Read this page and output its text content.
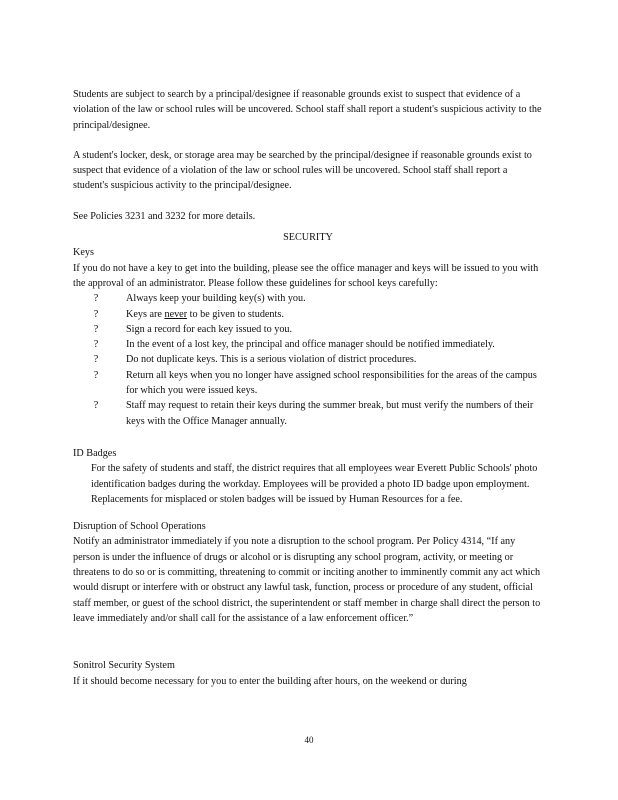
Students are subject to search by a principal/designee if reasonable grounds exist to suspect that evidence of a violation of the law or school rules will be uncovered. School staff shall report a student's suspicious activity to the principal/designee.

A student's locker, desk, or storage area may be searched by the principal/designee if reasonable grounds exist to suspect that evidence of a violation of the law or school rules will be uncovered. School staff shall report a student's suspicious activity to the principal/designee.

See Policies 3231 and 3232 for more details.

SECURITY

Keys

If you do not have a key to get into the building, please see the office manager and keys will be issued to you with the approval of an administrator. Please follow these guidelines for school keys carefully:

?	Always keep your building key(s) with you.
?	Keys are never to be given to students.
?	Sign a record for each key issued to you.
?	In the event of a lost key, the principal and office manager should be notified immediately.
?	Do not duplicate keys. This is a serious violation of district procedures.
?	Return all keys when you no longer have assigned school responsibilities for the areas of the campus for which you were issued keys.
?	Staff may request to retain their keys during the summer break, but must verify the numbers of their keys with the Office Manager annually.

ID Badges

For the safety of students and staff, the district requires that all employees wear Everett Public Schools' photo identification badges during the workday. Employees will be provided a photo ID badge upon employment. Replacements for misplaced or stolen badges will be issued by Human Resources for a fee.

Disruption of School Operations

Notify an administrator immediately if you note a disruption to the school program. Per Policy 4314, “If any person is under the influence of drugs or alcohol or is disrupting any school program, activity, or meeting or threatens to do so or is committing, threatening to commit or inciting another to imminently commit any act which would disrupt or interfere with or obstruct any lawful task, function, process or procedure of any student, official staff member, or guest of the school district, the superintendent or staff member in charge shall direct the person to leave immediately and/or shall call for the assistance of a law enforcement officer.”

Sonitrol Security System

If it should become necessary for you to enter the building after hours, on the weekend or during

40
